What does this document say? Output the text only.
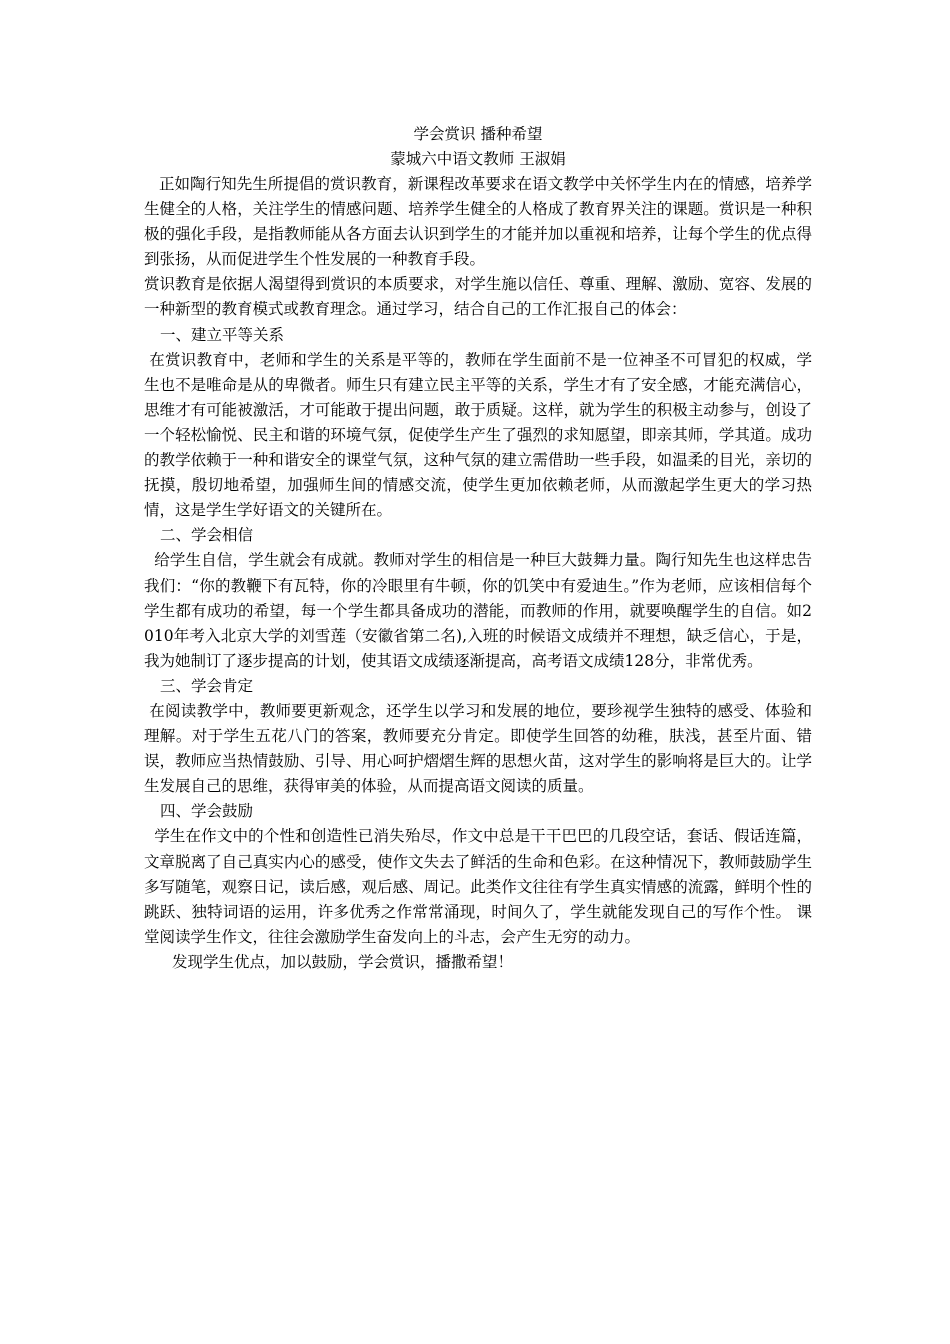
学会赏识 播种希望
蒙城六中语文教师 王淑娟

正如陶行知先生所提倡的赏识教育，新课程改革要求在语文教学中关怀学生内在的情感，培养学生健全的人格，关注学生的情感问题、培养学生健全的人格成了教育界关注的课题。赏识是一种积极的强化手段，是指教师能从各方面去认识到学生的才能并加以重视和培养，让每个学生的优点得到张扬，从而促进学生个性发展的一种教育手段。

赏识教育是依据人渴望得到赏识的本质要求，对学生施以信任、尊重、理解、激励、宽容、发展的一种新型的教育模式或教育理念。通过学习，结合自己的工作汇报自己的体会：

一、建立平等关系

在赏识教育中，老师和学生的关系是平等的，教师在学生面前不是一位神圣不可冒犯的权威，学生也不是唯命是从的卑微者。师生只有建立民主平等的关系，学生才有了安全感，才能充满信心，思维才有可能被激活，才可能敢于提出问题，敢于质疑。这样，就为学生的积极主动参与，创设了一个轻松愉悦、民主和谐的环境气氛，促使学生产生了强烈的求知愿望，即亲其师，学其道。成功的教学依赖于一种和谐安全的课堂气氛，这种气氛的建立需借助一些手段，如温柔的目光，亲切的抚摸，殷切地希望，加强师生间的情感交流，使学生更加依赖老师，从而激起学生更大的学习热情，这是学生学好语文的关键所在。

二、学会相信

给学生自信，学生就会有成就。教师对学生的相信是一种巨大鼓舞力量。陶行知先生也这样忠告我们：“你的教鞭下有瓦特，你的冷眼里有牛顿，你的饥笑中有爱迪生。”作为老师，应该相信每个学生都有成功的希望，每一个学生都具备成功的潜能，而教师的作用，就要唤醒学生的自信。如2010年考入北京大学的刘雪莲（安徽省第二名),入班的时候语文成绩并不理想，缺乏信心，于是，我为她制订了逐步提高的计划，使其语文成绩逐渐提高，高考语文成绩128分，非常优秀。

三、学会肯定

在阅读教学中，教师要更新观念，还学生以学习和发展的地位，要珍视学生独特的感受、体验和理解。对于学生五花八门的答案，教师要充分肯定。即使学生回答的幼稚，肤浅，甚至片面、错误，教师应当热情鼓励、引导、用心呵护熠熠生辉的思想火苗，这对学生的影响将是巨大的。让学生发展自己的思维，获得审美的体验，从而提高语文阅读的质量。

四、学会鼓励

学生在作文中的个性和创造性已消失殆尽，作文中总是干干巴巴的几段空话，套话、假话连篇，文章脱离了自己真实内心的感受，使作文失去了鲜活的生命和色彩。在这种情况下，教师鼓励学生多写随笔，观察日记，读后感，观后感、周记。此类作文往往有学生真实情感的流露，鲜明个性的跳跃、独特词语的运用，许多优秀之作常常涌现，时间久了，学生就能发现自己的写作个性。 课堂阅读学生作文，往往会激励学生奋发向上的斗志，会产生无穷的动力。

发现学生优点，加以鼓励，学会赏识，播撒希望！
